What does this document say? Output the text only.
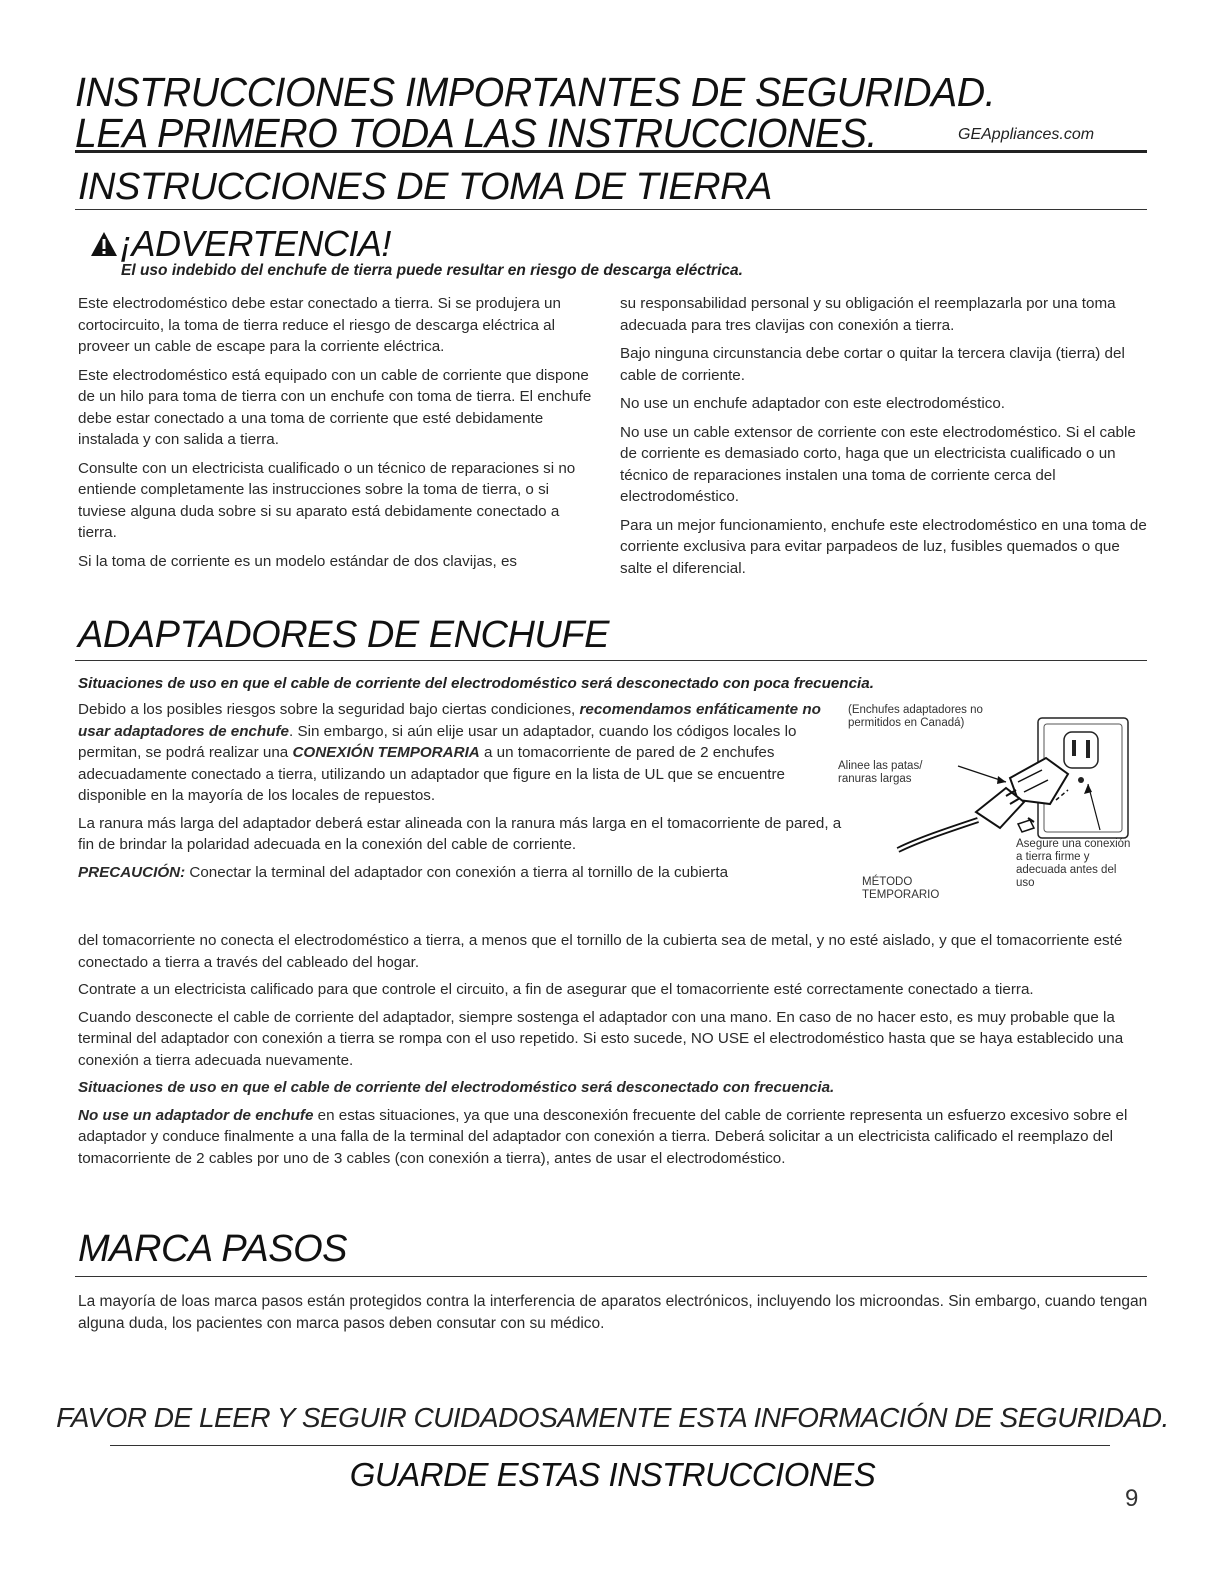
INSTRUCCIONES IMPORTANTES DE SEGURIDAD.
LEA PRIMERO TODA LAS INSTRUCCIONES.	GEAppliances.com
INSTRUCCIONES DE TOMA DE TIERRA
¡ADVERTENCIA!
El uso indebido del enchufe de tierra puede resultar en riesgo de descarga eléctrica.

Este electrodoméstico debe estar conectado a tierra. Si se produjera un cortocircuito, la toma de tierra reduce el riesgo de descarga eléctrica al proveer un cable de escape para la corriente eléctrica.

Este electrodoméstico está equipado con un cable de corriente que dispone de un hilo para toma de tierra con un enchufe con toma de tierra. El enchufe debe estar conectado a una toma de corriente que esté debidamente instalada y con salida a tierra.

Consulte con un electricista cualificado o un técnico de reparaciones si no entiende completamente las instrucciones sobre la toma de tierra, o si tuviese alguna duda sobre si su aparato está debidamente conectado a tierra.

Si la toma de corriente es un modelo estándar de dos clavijas, es

su responsabilidad personal y su obligación el reemplazarla por una toma adecuada para tres clavijas con conexión a tierra.

Bajo ninguna circunstancia debe cortar o quitar la tercera clavija (tierra) del cable de corriente.

No use un enchufe adaptador con este electrodoméstico.

No use un cable extensor de corriente con este electrodoméstico. Si el cable de corriente es demasiado corto, haga que un electricista cualificado o un técnico de reparaciones instalen una toma de corriente cerca del electrodoméstico.

Para un mejor funcionamiento, enchufe este electrodoméstico en una toma de corriente exclusiva para evitar parpadeos de luz, fusibles quemados o que salte el diferencial.

ADAPTADORES DE ENCHUFE
Situaciones de uso en que el cable de corriente del electrodoméstico será desconectado con poca frecuencia.

Debido a los posibles riesgos sobre la seguridad bajo ciertas condiciones, recomendamos enfáticamente no usar adaptadores de enchufe. Sin embargo, si aún elije usar un adaptador, cuando los códigos locales lo permitan, se podrá realizar una CONEXIÓN TEMPORARIA a un tomacorriente de pared de 2 enchufes adecuadamente conectado a tierra, utilizando un adaptador que figure en la lista de UL que se encuentre disponible en la mayoría de los locales de repuestos.

La ranura más larga del adaptador deberá estar alineada con la ranura más larga en el tomacorriente de pared, a fin de brindar la polaridad adecuada en la conexión del cable de corriente.

PRECAUCIÓN: Conectar la terminal del adaptador con conexión a tierra al tornillo de la cubierta

del tomacorriente no conecta el electrodoméstico a tierra, a menos que el tornillo de la cubierta sea de metal, y no esté aislado, y que el tomacorriente esté conectado a tierra a través del cableado del hogar.

Contrate a un electricista calificado para que controle el circuito, a fin de asegurar que el tomacorriente esté correctamente conectado a tierra.

Cuando desconecte el cable de corriente del adaptador, siempre sostenga el adaptador con una mano. En caso de no hacer esto, es muy probable que la terminal del adaptador con conexión a tierra se rompa con el uso repetido. Si esto sucede, NO USE el electrodoméstico hasta que se haya establecido una conexión a tierra adecuada nuevamente.

Situaciones de uso en que el cable de corriente del electrodoméstico será desconectado con frecuencia.

No use un adaptador de enchufe en estas situaciones, ya que una desconexión frecuente del cable de corriente representa un esfuerzo excesivo sobre el adaptador y conduce finalmente a una falla de la terminal del adaptador con conexión a tierra. Deberá solicitar a un electricista calificado el reemplazo del tomacorriente de 2 cables por uno de 3 cables (con conexión a tierra), antes de usar el electrodoméstico.

(Enchufes adaptadores no permitidos en Canadá)
Alinee las patas/ ranuras largas
Asegure una conexión a tierra firme y adecuada antes del uso
MÉTODO TEMPORARIO
MARCA PASOS
La mayoría de loas marca pasos están protegidos contra la interferencia de aparatos electrónicos, incluyendo los microondas. Sin embargo, cuando tengan alguna duda, los pacientes con marca pasos deben consutar con su médico.
FAVOR DE LEER Y SEGUIR CUIDADOSAMENTE ESTA INFORMACIÓN DE SEGURIDAD.
GUARDE ESTAS INSTRUCCIONES
9
